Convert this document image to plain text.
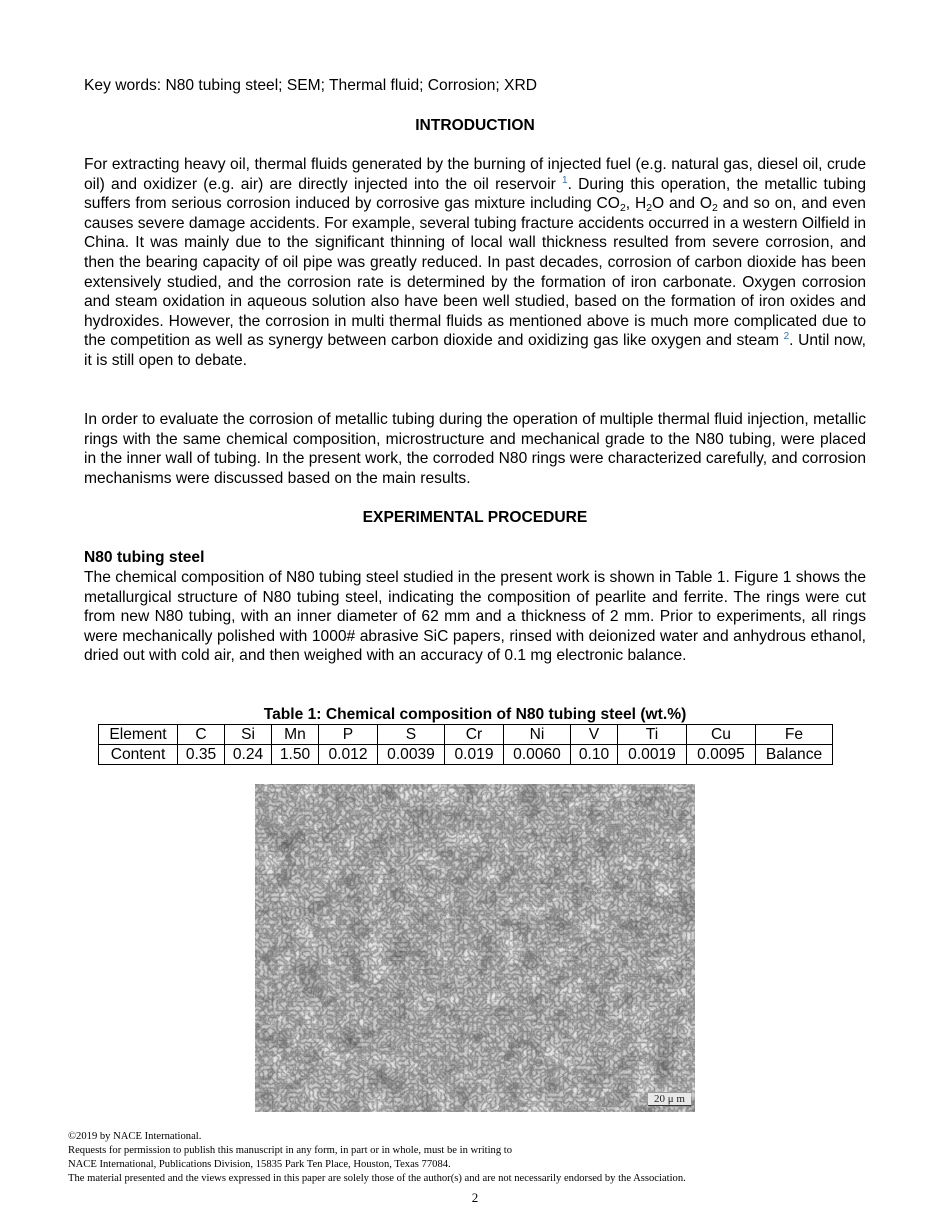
Key words: N80 tubing steel; SEM; Thermal fluid; Corrosion; XRD

INTRODUCTION

For extracting heavy oil, thermal fluids generated by the burning of injected fuel (e.g. natural gas, diesel oil, crude oil) and oxidizer (e.g. air) are directly injected into the oil reservoir $^1$. During this operation, the metallic tubing suffers from serious corrosion induced by corrosive gas mixture including $CO_2$, $H_2O$ and $O_2$ and so on, and even causes severe damage accidents. For example, several tubing fracture accidents occurred in a western Oilfield in China. It was mainly due to the significant thinning of local wall thickness resulted from severe corrosion, and then the bearing capacity of oil pipe was greatly reduced. In past decades, corrosion of carbon dioxide has been extensively studied, and the corrosion rate is determined by the formation of iron carbonate. Oxygen corrosion and steam oxidation in aqueous solution also have been well studied, based on the formation of iron oxides and hydroxides. However, the corrosion in multi thermal fluids as mentioned above is much more complicated due to the competition as well as synergy between carbon dioxide and oxidizing gas like oxygen and steam $^2$. Until now, it is still open to debate.

In order to evaluate the corrosion of metallic tubing during the operation of multiple thermal fluid injection, metallic rings with the same chemical composition, microstructure and mechanical grade to the N80 tubing, were placed in the inner wall of tubing. In the present work, the corroded N80 rings were characterized carefully, and corrosion mechanisms were discussed based on the main results.

EXPERIMENTAL PROCEDURE

N80 tubing steel

The chemical composition of N80 tubing steel studied in the present work is shown in Table 1. Figure 1 shows the metallurgical structure of N80 tubing steel, indicating the composition of pearlite and ferrite. The rings were cut from new N80 tubing, with an inner diameter of 62 mm and a thickness of 2 mm. Prior to experiments, all rings were mechanically polished with 1000# abrasive SiC papers, rinsed with deionized water and anhydrous ethanol, dried out with cold air, and then weighed with an accuracy of 0.1 mg electronic balance.

Table 1: Chemical composition of N80 tubing steel (wt.%)

Element	C	Si	Mn	P	S	Cr	Ni	V	Ti	Cu	Fe
Content	0.35	0.24	1.50	0.012	0.0039	0.019	0.0060	0.10	0.0019	0.0095	Balance
20 μ m

©2019 by NACE International.

Requests for permission to publish this manuscript in any form, in part or in whole, must be in writing to

NACE International, Publications Division, 15835 Park Ten Place, Houston, Texas 77084.

The material presented and the views expressed in this paper are solely those of the author(s) and are not necessarily endorsed by the Association.

2
